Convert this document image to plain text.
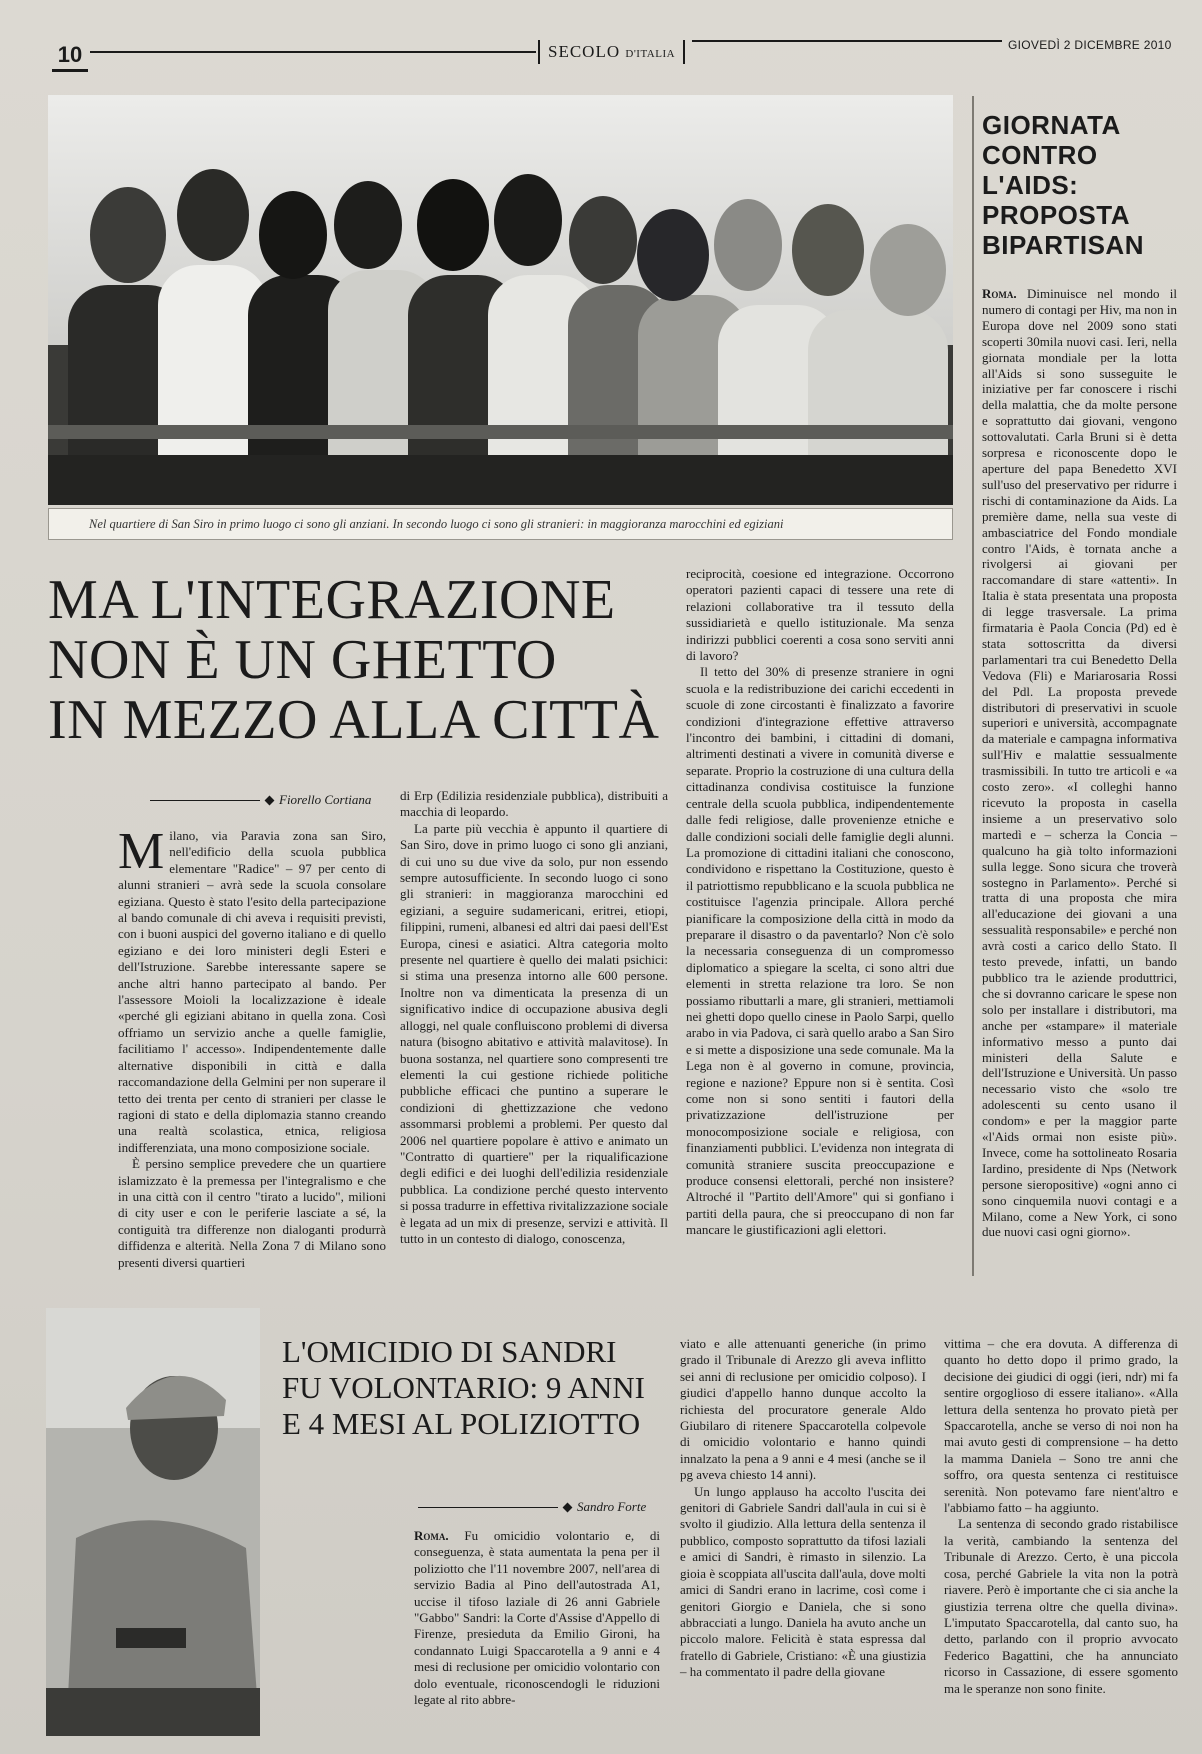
10	SECOLO D'ITALIA
GIOVEDÌ 2 DICEMBRE 2010
Nel quartiere di San Siro in primo luogo ci sono gli anziani. In secondo luogo ci sono gli stranieri: in maggioranza marocchini ed egiziani
GIORNATA CONTRO L'AIDS: PROPOSTA BIPARTISAN
Roma. Diminuisce nel mondo il numero di contagi per Hiv, ma non in Europa dove nel 2009 sono stati scoperti 30mila nuovi casi. Ieri, nella giornata mondiale per la lotta all'Aids si sono susseguite le iniziative per far conoscere i rischi della malattia, che da molte persone e soprattutto dai giovani, vengono sottovalutati. Carla Bruni si è detta sorpresa e riconoscente dopo le aperture del papa Benedetto XVI sull'uso del preservativo per ridurre i rischi di contaminazione da Aids. La première dame, nella sua veste di ambasciatrice del Fondo mondiale contro l'Aids, è tornata anche a rivolgersi ai giovani per raccomandare di stare «attenti». In Italia è stata presentata una proposta di legge trasversale. La prima firmataria è Paola Concia (Pd) ed è stata sottoscritta da diversi parlamentari tra cui Benedetto Della Vedova (Fli) e Mariarosaria Rossi del Pdl. La proposta prevede distributori di preservativi in scuole superiori e università, accompagnate da materiale e campagna informativa sull'Hiv e malattie sessualmente trasmissibili. In tutto tre articoli e «a costo zero». «I colleghi hanno ricevuto la proposta in casella insieme a un preservativo solo martedì e – scherza la Concia – qualcuno ha già tolto informazioni sulla legge. Sono sicura che troverà sostegno in Parlamento». Perché si tratta di una proposta che mira all'educazione dei giovani a una sessualità responsabile» e perché non avrà costi a carico dello Stato. Il testo prevede, infatti, un bando pubblico tra le aziende produttrici, che si dovranno caricare le spese non solo per installare i distributori, ma anche per «stampare» il materiale informativo messo a punto dai ministeri della Salute e dell'Istruzione e Università. Un passo necessario visto che «solo tre adolescenti su cento usano il condom» e per la maggior parte «l'Aids ormai non esiste più». Invece, come ha sottolineato Rosaria Iardino, presidente di Nps (Network persone sieropositive) «ogni anno ci sono cinquemila nuovi contagi e a Milano, come a New York, ci sono due nuovi casi ogni giorno».
MA L'INTEGRAZIONE
NON È UN GHETTO
IN MEZZO ALLA CITTÀ
Fiorello Cortiana

Milano, via Paravia zona san Siro, nell'edificio della scuola pubblica elementare "Radice" – 97 per cento di alunni stranieri – avrà sede la scuola consolare egiziana. Questo è stato l'esito della partecipazione al bando comunale di chi aveva i requisiti previsti, con i buoni auspici del governo italiano e di quello egiziano e dei loro ministeri degli Esteri e dell'Istruzione. Sarebbe interessante sapere se anche altri hanno partecipato al bando. Per l'assessore Moioli la localizzazione è ideale «perché gli egiziani abitano in quella zona. Così offriamo un servizio anche a quelle famiglie, facilitiamo l' accesso». Indipendentemente dalle alternative disponibili in città e dalla raccomandazione della Gelmini per non superare il tetto dei trenta per cento di stranieri per classe le ragioni di stato e della diplomazia stanno creando una realtà scolastica, etnica, religiosa indifferenziata, una mono composizione sociale.

È persino semplice prevedere che un quartiere islamizzato è la premessa per l'integralismo e che in una città con il centro "tirato a lucido", milioni di city user e con le periferie lasciate a sé, la contiguità tra differenze non dialoganti produrrà diffidenza e alterità. Nella Zona 7 di Milano sono presenti diversi quartieri

di Erp (Edilizia residenziale pubblica), distribuiti a macchia di leopardo.

La parte più vecchia è appunto il quartiere di San Siro, dove in primo luogo ci sono gli anziani, di cui uno su due vive da solo, pur non essendo sempre autosufficiente. In secondo luogo ci sono gli stranieri: in maggioranza marocchini ed egiziani, a seguire sudamericani, eritrei, etiopi, filippini, rumeni, albanesi ed altri dai paesi dell'Est Europa, cinesi e asiatici. Altra categoria molto presente nel quartiere è quello dei malati psichici: si stima una presenza intorno alle 600 persone. Inoltre non va dimenticata la presenza di un significativo indice di occupazione abusiva degli alloggi, nel quale confluiscono problemi di diversa natura (bisogno abitativo e attività malavitose). In buona sostanza, nel quartiere sono compresenti tre elementi la cui gestione richiede politiche pubbliche efficaci che puntino a superare le condizioni di ghettizzazione che vedono assommarsi problemi a problemi. Per questo dal 2006 nel quartiere popolare è attivo e animato un "Contratto di quartiere" per la riqualificazione degli edifici e dei luoghi dell'edilizia residenziale pubblica. La condizione perché questo intervento si possa tradurre in effettiva rivitalizzazione sociale è legata ad un mix di presenze, servizi e attività. Il tutto in un contesto di dialogo, conoscenza,

reciprocità, coesione ed integrazione. Occorrono operatori pazienti capaci di tessere una rete di relazioni collaborative tra il tessuto della sussidiarietà e quello istituzionale. Ma senza indirizzi pubblici coerenti a cosa sono serviti anni di lavoro?

Il tetto del 30% di presenze straniere in ogni scuola e la redistribuzione dei carichi eccedenti in scuole di zone circostanti è finalizzato a favorire condizioni d'integrazione effettive attraverso l'incontro dei bambini, i cittadini di domani, altrimenti destinati a vivere in comunità diverse e separate. Proprio la costruzione di una cultura della cittadinanza condivisa costituisce la funzione centrale della scuola pubblica, indipendentemente dalle fedi religiose, dalle provenienze etniche e dalle condizioni sociali delle famiglie degli alunni. La promozione di cittadini italiani che conoscono, condividono e rispettano la Costituzione, questo è il patriottismo repubblicano e la scuola pubblica ne costituisce l'agenzia principale. Allora perché pianificare la composizione della città in modo da preparare il disastro o da paventarlo? Non c'è solo la necessaria conseguenza di un compromesso diplomatico a spiegare la scelta, ci sono altri due elementi in stretta relazione tra loro. Se non possiamo ributtarli a mare, gli stranieri, mettiamoli nei ghetti dopo quello cinese in Paolo Sarpi, quello arabo in via Padova, ci sarà quello arabo a San Siro e si mette a disposizione una sede comunale. Ma la Lega non è al governo in comune, provincia, regione e nazione? Eppure non si è sentita. Così come non si sono sentiti i fautori della privatizzazione dell'istruzione per monocomposizione sociale e religiosa, con finanziamenti pubblici. L'evidenza non integrata di comunità straniere suscita preoccupazione e produce consensi elettorali, perché non insistere? Altroché il "Partito dell'Amore" qui si gonfiano i partiti della paura, che si preoccupano di non far mancare le giustificazioni agli elettori.

L'OMICIDIO DI SANDRI
FU VOLONTARIO: 9 ANNI
E 4 MESI AL POLIZIOTTO
Sandro Forte

Roma. Fu omicidio volontario e, di conseguenza, è stata aumentata la pena per il poliziotto che l'11 novembre 2007, nell'area di servizio Badia al Pino dell'autostrada A1, uccise il tifoso laziale di 26 anni Gabriele "Gabbo" Sandri: la Corte d'Assise d'Appello di Firenze, presieduta da Emilio Gironi, ha condannato Luigi Spaccarotella a 9 anni e 4 mesi di reclusione per omicidio volontario con dolo eventuale, riconoscendogli le riduzioni legate al rito abbre-

viato e alle attenuanti generiche (in primo grado il Tribunale di Arezzo gli aveva inflitto sei anni di reclusione per omicidio colposo). I giudici d'appello hanno dunque accolto la richiesta del procuratore generale Aldo Giubilaro di ritenere Spaccarotella colpevole di omicidio volontario e hanno quindi innalzato la pena a 9 anni e 4 mesi (anche se il pg aveva chiesto 14 anni).

Un lungo applauso ha accolto l'uscita dei genitori di Gabriele Sandri dall'aula in cui si è svolto il giudizio. Alla lettura della sentenza il pubblico, composto soprattutto da tifosi laziali e amici di Sandri, è rimasto in silenzio. La gioia è scoppiata all'uscita dall'aula, dove molti amici di Sandri erano in lacrime, così come i genitori Giorgio e Daniela, che si sono abbracciati a lungo. Daniela ha avuto anche un piccolo malore. Felicità è stata espressa dal fratello di Gabriele, Cristiano: «È una giustizia – ha commentato il padre della giovane

vittima – che era dovuta. A differenza di quanto ho detto dopo il primo grado, la decisione dei giudici di oggi (ieri, ndr) mi fa sentire orgoglioso di essere italiano». «Alla lettura della sentenza ho provato pietà per Spaccarotella, anche se verso di noi non ha mai avuto gesti di comprensione – ha detto la mamma Daniela – Sono tre anni che soffro, ora questa sentenza ci restituisce serenità. Non potevamo fare nient'altro e l'abbiamo fatto – ha aggiunto.

La sentenza di secondo grado ristabilisce la verità, cambiando la sentenza del Tribunale di Arezzo. Certo, è una piccola cosa, perché Gabriele la vita non la potrà riavere. Però è importante che ci sia anche la giustizia terrena oltre che quella divina». L'imputato Spaccarotella, dal canto suo, ha detto, parlando con il proprio avvocato Federico Bagattini, che ha annunciato ricorso in Cassazione, di essere sgomento ma le speranze non sono finite.
